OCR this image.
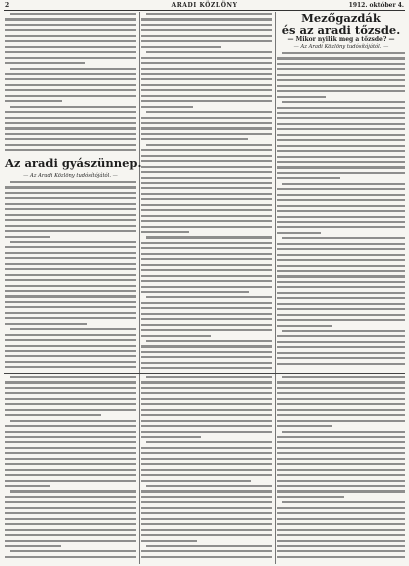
2	ARADI KÖZLÖNY	1912. október 4.
Az aradi gyászünnep.
— Az Aradi Közlöny tudósítójától. —
Mezőgazdák
és az aradi tőzsde.
— Mikor nyilik meg a tőzsde? —
— Az Aradi Közlöny tudósítójától. —
